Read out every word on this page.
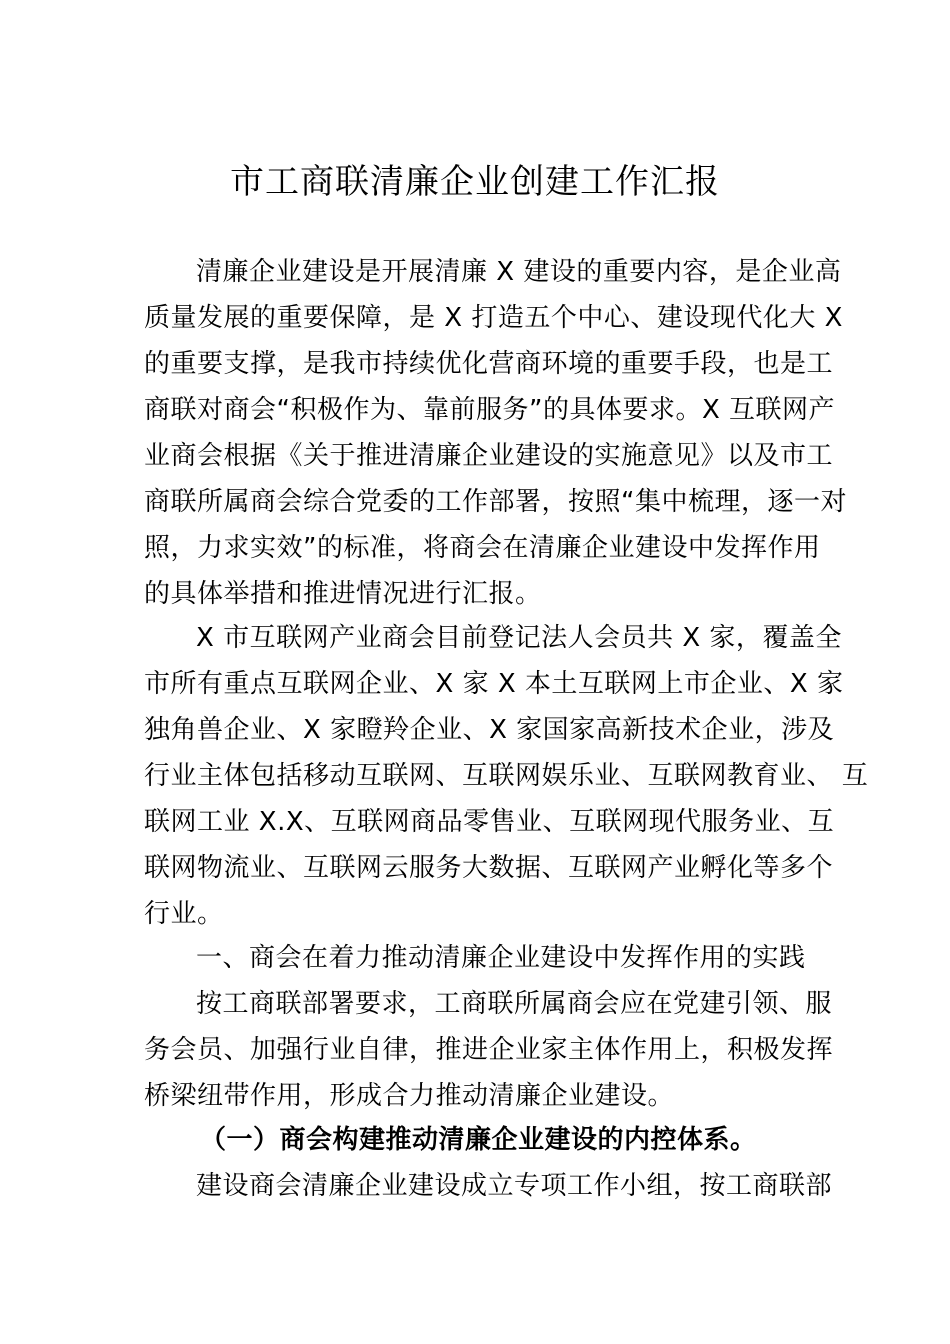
市工商联清廉企业创建工作汇报
清廉企业建设是开展清廉 X 建设的重要内容，是企业高
质量发展的重要保障，是 X 打造五个中心、建设现代化大 X
的重要支撑，是我市持续优化营商环境的重要手段，也是工
商联对商会“积极作为、靠前服务”的具体要求。X 互联网产
业商会根据《关于推进清廉企业建设的实施意见》以及市工
商联所属商会综合党委的工作部署，按照“集中梳理，逐一对
照，力求实效”的标准，将商会在清廉企业建设中发挥作用
的具体举措和推进情况进行汇报。
X 市互联网产业商会目前登记法人会员共 X 家，覆盖全
市所有重点互联网企业、X 家 X 本土互联网上市企业、X 家
独角兽企业、X 家瞪羚企业、X 家国家高新技术企业，涉及
行业主体包括移动互联网、互联网娱乐业、互联网教育业、 互
联网工业 X.X、互联网商品零售业、互联网现代服务业、互
联网物流业、互联网云服务大数据、互联网产业孵化等多个
行业。
一、商会在着力推动清廉企业建设中发挥作用的实践
按工商联部署要求，工商联所属商会应在党建引领、服
务会员、加强行业自律，推进企业家主体作用上，积极发挥
桥梁纽带作用，形成合力推动清廉企业建设。
（一）商会构建推动清廉企业建设的内控体系。
建设商会清廉企业建设成立专项工作小组，按工商联部
